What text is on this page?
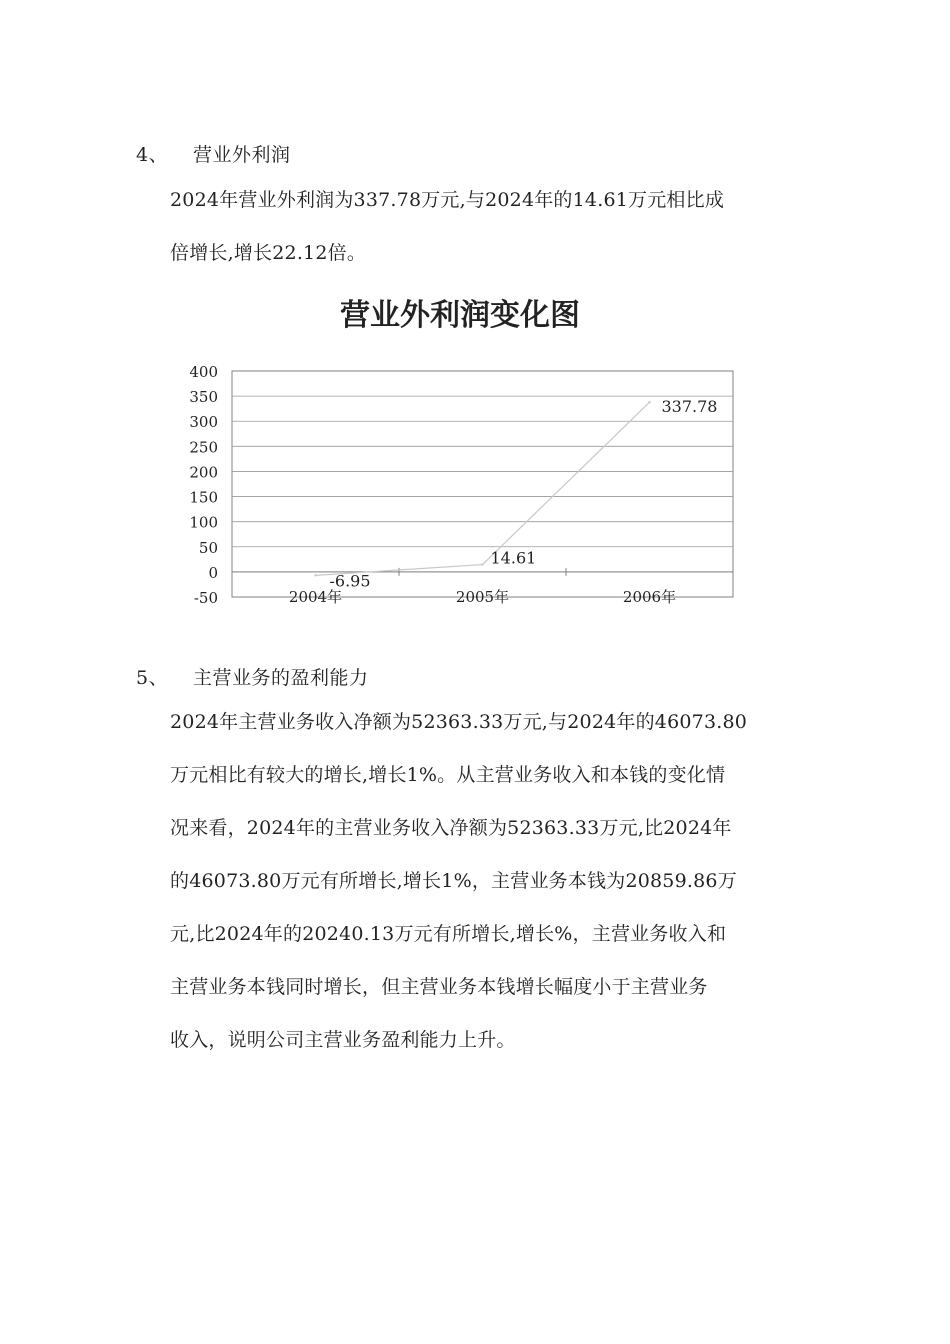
4、 营业外利润

2024年营业外利润为337.78万元,与2024年的14.61万元相比成

倍增长,增长22.12倍。

营业外利润变化图
400
350
300
250
200
150
100
50
0
-50	2004年	2005年	2006年
-6.95
14.61
337.78
5、 主营业务的盈利能力

2024年主营业务收入净额为52363.33万元,与2024年的46073.80

万元相比有较大的增长,增长1%。从主营业务收入和本钱的变化情

况来看，2024年的主营业务收入净额为52363.33万元,比2024年

的46073.80万元有所增长,增长1%，主营业务本钱为20859.86万

元,比2024年的20240.13万元有所增长,增长%，主营业务收入和

主营业务本钱同时增长，但主营业务本钱增长幅度小于主营业务

收入，说明公司主营业务盈利能力上升。
